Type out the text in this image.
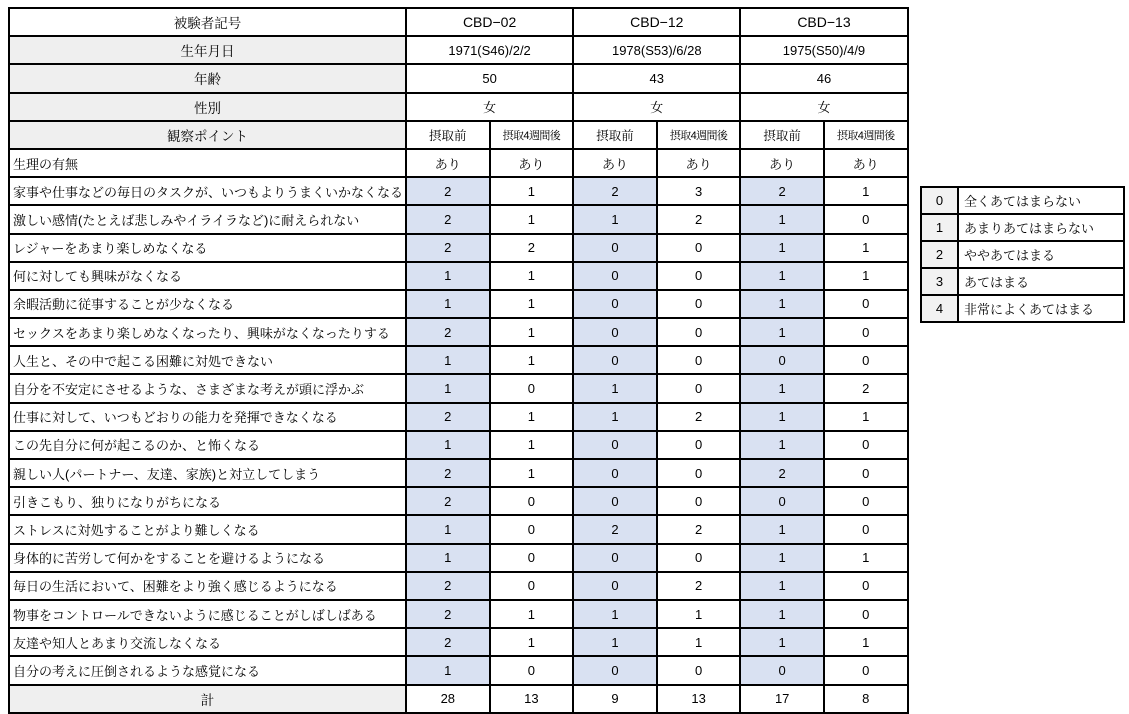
被験者記号	CBD−02		CBD−12		CBD−13	
生年月日	1971(S46)/2/2		1978(S53)/6/28		1975(S50)/4/9	
年齢	50		43		46	
性別	女		女		女	
観察ポイント	摂取前	摂取4週間後	摂取前	摂取4週間後	摂取前	摂取4週間後
生理の有無	あり	あり	あり	あり	あり	あり
家事や仕事などの毎日のタスクが、いつもよりうまくいかなくなる	2	1	2	3	2	1
激しい感情(たとえば悲しみやイライラなど)に耐えられない	2	1	1	2	1	0
レジャーをあまり楽しめなくなる	2	2	0	0	1	1
何に対しても興味がなくなる	1	1	0	0	1	1
余暇活動に従事することが少なくなる	1	1	0	0	1	0
セックスをあまり楽しめなくなったり、興味がなくなったりする	2	1	0	0	1	0
人生と、その中で起こる困難に対処できない	1	1	0	0	0	0
自分を不安定にさせるような、さまざまな考えが頭に浮かぶ	1	0	1	0	1	2
仕事に対して、いつもどおりの能力を発揮できなくなる	2	1	1	2	1	1
この先自分に何が起こるのか、と怖くなる	1	1	0	0	1	0
親しい人(パートナー、友達、家族)と対立してしまう	2	1	0	0	2	0
引きこもり、独りになりがちになる	2	0	0	0	0	0
ストレスに対処することがより難しくなる	1	0	2	2	1	0
身体的に苦労して何かをすることを避けるようになる	1	0	0	0	1	1
毎日の生活において、困難をより強く感じるようになる	2	0	0	2	1	0
物事をコントロールできないように感じることがしばしばある	2	1	1	1	1	0
友達や知人とあまり交流しなくなる	2	1	1	1	1	1
自分の考えに圧倒されるような感覚になる	1	0	0	0	0	0
計	28	13	9	13	17	8
0	全くあてはまらない
1	あまりあてはまらない
2	ややあてはまる
3	あてはまる
4	非常によくあてはまる
